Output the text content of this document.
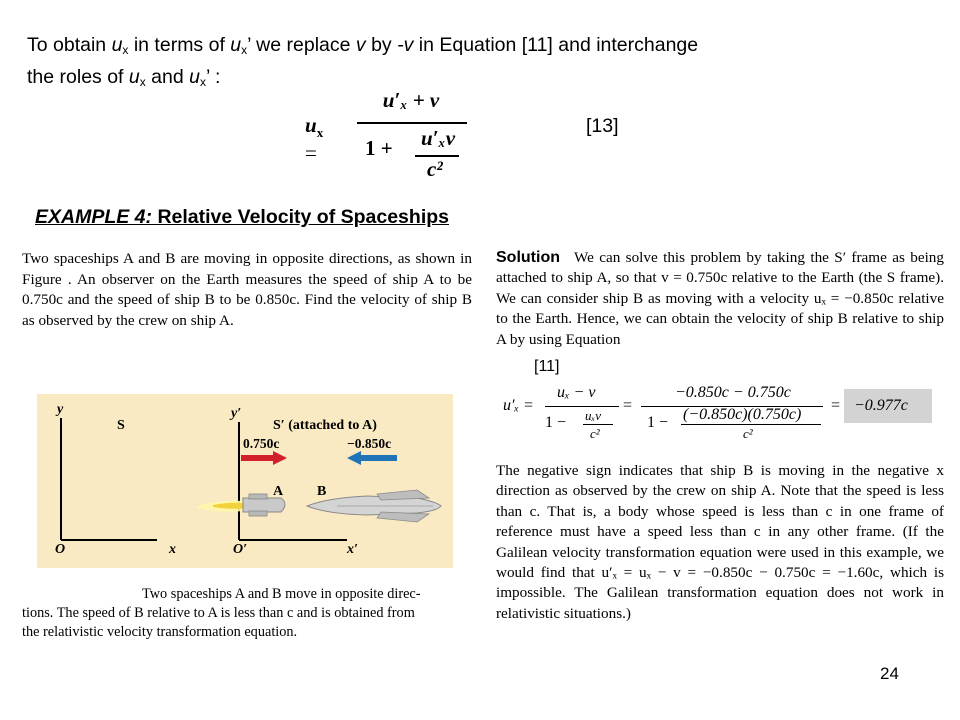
To obtain $u_x$ in terms of $u_x$’ we replace v by -v in Equation [11] and interchange
the roles of $u_x$ and $u_x$’ :
$u_x$ =
u′ₓ + v
1 +	u′ₓv
c²
[13]
EXAMPLE 4: Relative Velocity of Spaceships

Two spaceships A and B are moving in opposite directions, as shown in Figure . An observer on the Earth measures the speed of ship A to be 0.750c and the speed of ship B to be 0.850c. Find the velocity of ship B as observed by the crew on ship A.

y
S
y′
S′ (attached to A)
0.750c	−0.850c
A B
O	x	O′	x′
Two spaceships A and B move in opposite direc-
tions. The speed of B relative to A is less than c and is obtained from
the relativistic velocity transformation equation.
Solution We can solve this problem by taking the S′ frame as being attached to ship A, so that v = 0.750c relative to the Earth (the S frame). We can consider ship B as moving with a velocity uₓ = −0.850c relative to the Earth. Hence, we can obtain the velocity of ship B relative to ship A by using Equation
[11]
u′ₓ =
uₓ − v
1 − uₓv
c²
=
−0.850c − 0.750c
1 − (−0.850c)(0.750c)
c²
= −0.977c
The negative sign indicates that ship B is moving in the negative x direction as observed by the crew on ship A. Note that the speed is less than c. That is, a body whose speed is less than c in one frame of reference must have a speed less than c in any other frame. (If the Galilean velocity transformation equation were used in this example, we would find that u′ₓ = uₓ − v = −0.850c − 0.750c = −1.60c, which is impossible. The Galilean transformation equation does not work in relativistic situations.)
24
